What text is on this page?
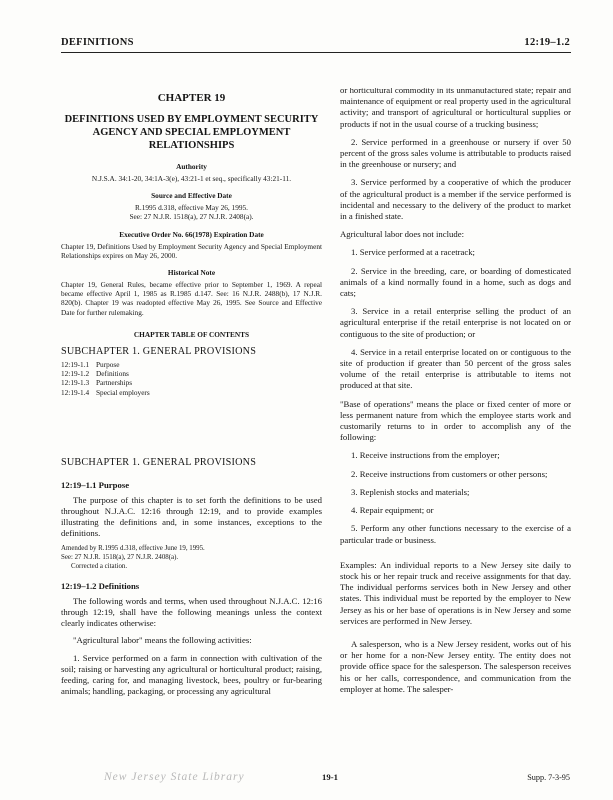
DEFINITIONS	12:19–1.2
CHAPTER 19
DEFINITIONS USED BY EMPLOYMENT SECURITY AGENCY AND SPECIAL EMPLOYMENT RELATIONSHIPS
Authority

N.J.S.A. 34:1-20, 34:1A-3(e), 43:21-1 et seq., specifically 43:21-11.

Source and Effective Date

R.1995 d.318, effective May 26, 1995.

See: 27 N.J.R. 1518(a), 27 N.J.R. 2408(a).

Executive Order No. 66(1978) Expiration Date

Chapter 19, Definitions Used by Employment Security Agency and Special Employment Relationships expires on May 26, 2000.

Historical Note

Chapter 19, General Rules, became effective prior to September 1, 1969. A repeal became effective April 1, 1985 as R.1985 d.147. See: 16 N.J.R. 2488(b), 17 N.J.R. 820(b). Chapter 19 was readopted effective May 26, 1995. See Source and Effective Date for further rulemaking.

CHAPTER TABLE OF CONTENTS
SUBCHAPTER 1. GENERAL PROVISIONS
12:19-1.1 Purpose
12:19-1.2 Definitions
12:19-1.3 Partnerships
12:19-1.4 Special employers
SUBCHAPTER 1. GENERAL PROVISIONS
12:19–1.1 Purpose

The purpose of this chapter is to set forth the definitions to be used throughout N.J.A.C. 12:16 through 12:19, and to provide examples illustrating the definitions and, in some instances, exceptions to the definitions.

Amended by R.1995 d.318, effective June 19, 1995.
See: 27 N.J.R. 1518(a), 27 N.J.R. 2408(a).
Corrected a citation.
12:19–1.2 Definitions

The following words and terms, when used throughout N.J.A.C. 12:16 through 12:19, shall have the following meanings unless the context clearly indicates otherwise:

"Agricultural labor" means the following activities:

1. Service performed on a farm in connection with cultivation of the soil; raising or harvesting any agricultural or horticultural product; raising, feeding, caring for, and managing livestock, bees, poultry or fur-bearing animals; handling, packaging, or processing any agricultural

or horticultural commodity in its unmanufactured state; repair and maintenance of equipment or real property used in the agricultural activity; and transport of agricultural or horticultural supplies or products if not in the usual course of a trucking business;

2. Service performed in a greenhouse or nursery if over 50 percent of the gross sales volume is attributable to products raised in the greenhouse or nursery; and

3. Service performed by a cooperative of which the producer of the agricultural product is a member if the service performed is incidental and necessary to the delivery of the product to market in a finished state.

Agricultural labor does not include:

1. Service performed at a racetrack;

2. Service in the breeding, care, or boarding of domesticated animals of a kind normally found in a home, such as dogs and cats;

3. Service in a retail enterprise selling the product of an agricultural enterprise if the retail enterprise is not located on or contiguous to the site of production; or

4. Service in a retail enterprise located on or contiguous to the site of production if greater than 50 percent of the gross sales volume of the retail enterprise is attributable to items not produced at that site.

"Base of operations" means the place or fixed center of more or less permanent nature from which the employee starts work and customarily returns to in order to accomplish any of the following:

1. Receive instructions from the employer;

2. Receive instructions from customers or other persons;

3. Replenish stocks and materials;

4. Repair equipment; or

5. Perform any other functions necessary to the exercise of a particular trade or business.

Examples: An individual reports to a New Jersey site daily to stock his or her repair truck and receive assignments for that day. The individual performs services both in New Jersey and other states. This individual must be reported by the employer to New Jersey as his or her base of operations is in New Jersey and some services are performed in New Jersey.

A salesperson, who is a New Jersey resident, works out of his or her home for a non-New Jersey entity. The entity does not provide office space for the salesperson. The salesperson receives his or her calls, correspondence, and communication from the employer at home. The salesper-

New Jersey State Library	19-1	Supp. 7-3-95
